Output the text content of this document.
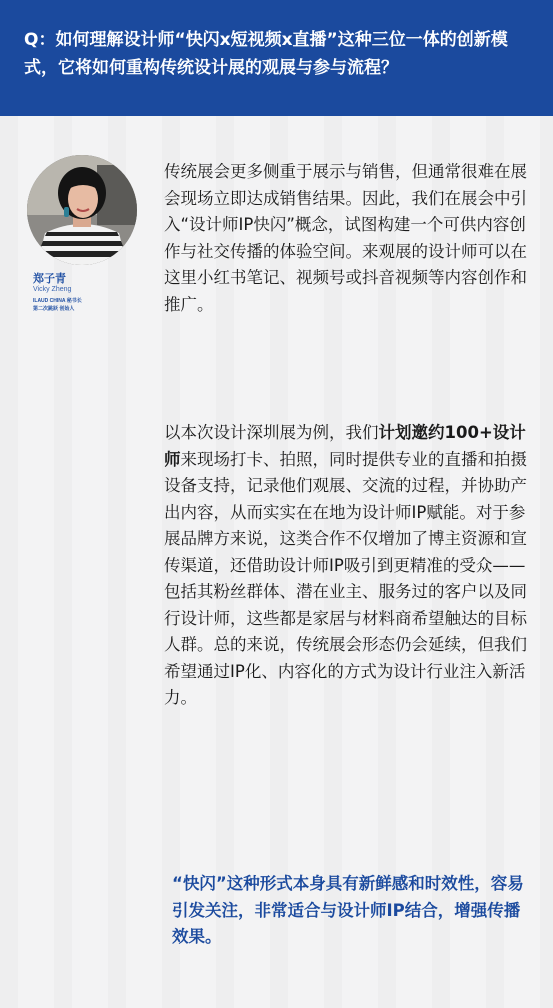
Q：如何理解设计师“快闪x短视频x直播”这种三位一体的创新模式，它将如何重构传统设计展的观展与参与流程？
郑子青
Vicky Zheng
ILAUD CHINA 秘书长
第二次跳跃 创始人
传统展会更多侧重于展示与销售，但通常很难在展会现场立即达成销售结果。因此，我们在展会中引入“设计师IP快闪”概念，试图构建一个可供内容创作与社交传播的体验空间。来观展的设计师可以在这里小红书笔记、视频号或抖音视频等内容创作和推广。
以本次设计深圳展为例，我们计划邀约100+设计师来现场打卡、拍照，同时提供专业的直播和拍摄设备支持，记录他们观展、交流的过程，并协助产出内容，从而实实在在地为设计师IP赋能。对于参展品牌方来说，这类合作不仅增加了博主资源和宣传渠道，还借助设计师IP吸引到更精准的受众——包括其粉丝群体、潜在业主、服务过的客户以及同行设计师，这些都是家居与材料商希望触达的目标人群。总的来说，传统展会形态仍会延续，但我们希望通过IP化、内容化的方式为设计行业注入新活力。
“快闪”这种形式本身具有新鲜感和时效性，容易引发关注，非常适合与设计师IP结合，增强传播效果。
